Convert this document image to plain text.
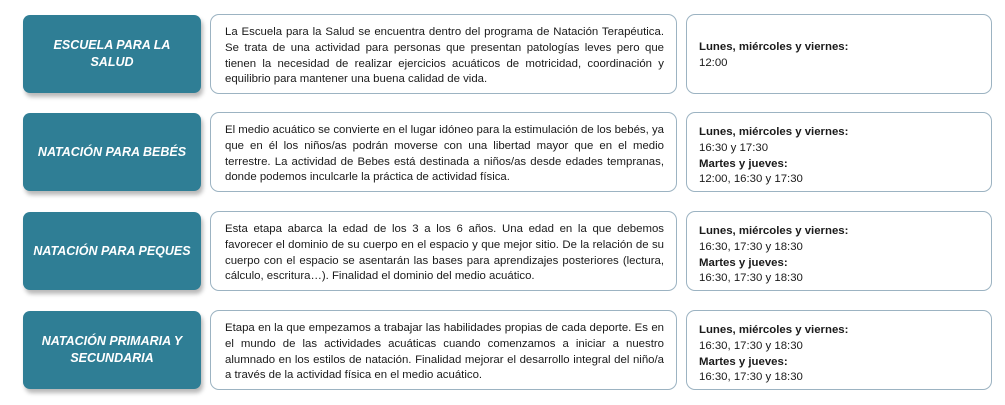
ESCUELA PARA LA SALUD

La Escuela para la Salud se encuentra dentro del programa de Natación Terapéutica. Se trata de una actividad para personas que presentan patologías leves pero que tienen la necesidad de realizar ejercicios acuáticos de motricidad, coordinación y equilibrio para mantener una buena calidad de vida.

Lunes, miércoles y viernes:
12:00
NATACIÓN PARA BEBÉS

El medio acuático se convierte en el lugar idóneo para la estimulación de los bebés, ya que en él los niños/as podrán moverse con una libertad mayor que en el medio terrestre. La actividad de Bebes está destinada a niños/as desde edades tempranas, donde podemos inculcarle la práctica de actividad física.

Lunes, miércoles y viernes:
16:30 y 17:30
Martes y jueves:
12:00, 16:30 y 17:30
NATACIÓN PARA PEQUES

Esta etapa abarca la edad de los 3 a los 6 años. Una edad en la que debemos favorecer el dominio de su cuerpo en el espacio y que mejor sitio. De la relación de su cuerpo con el espacio se asentarán las bases para aprendizajes posteriores (lectura, cálculo, escritura…). Finalidad el dominio del medio acuático.

Lunes, miércoles y viernes:
16:30, 17:30 y 18:30
Martes y jueves:
16:30, 17:30 y 18:30
NATACIÓN PRIMARIA Y SECUNDARIA

Etapa en la que empezamos a trabajar las habilidades propias de cada deporte. Es en el mundo de las actividades acuáticas cuando comenzamos a iniciar a nuestro alumnado en los estilos de natación. Finalidad mejorar el desarrollo integral del niño/a a través de la actividad física en el medio acuático.

Lunes, miércoles y viernes:
16:30, 17:30 y 18:30
Martes y jueves:
16:30, 17:30 y 18:30
